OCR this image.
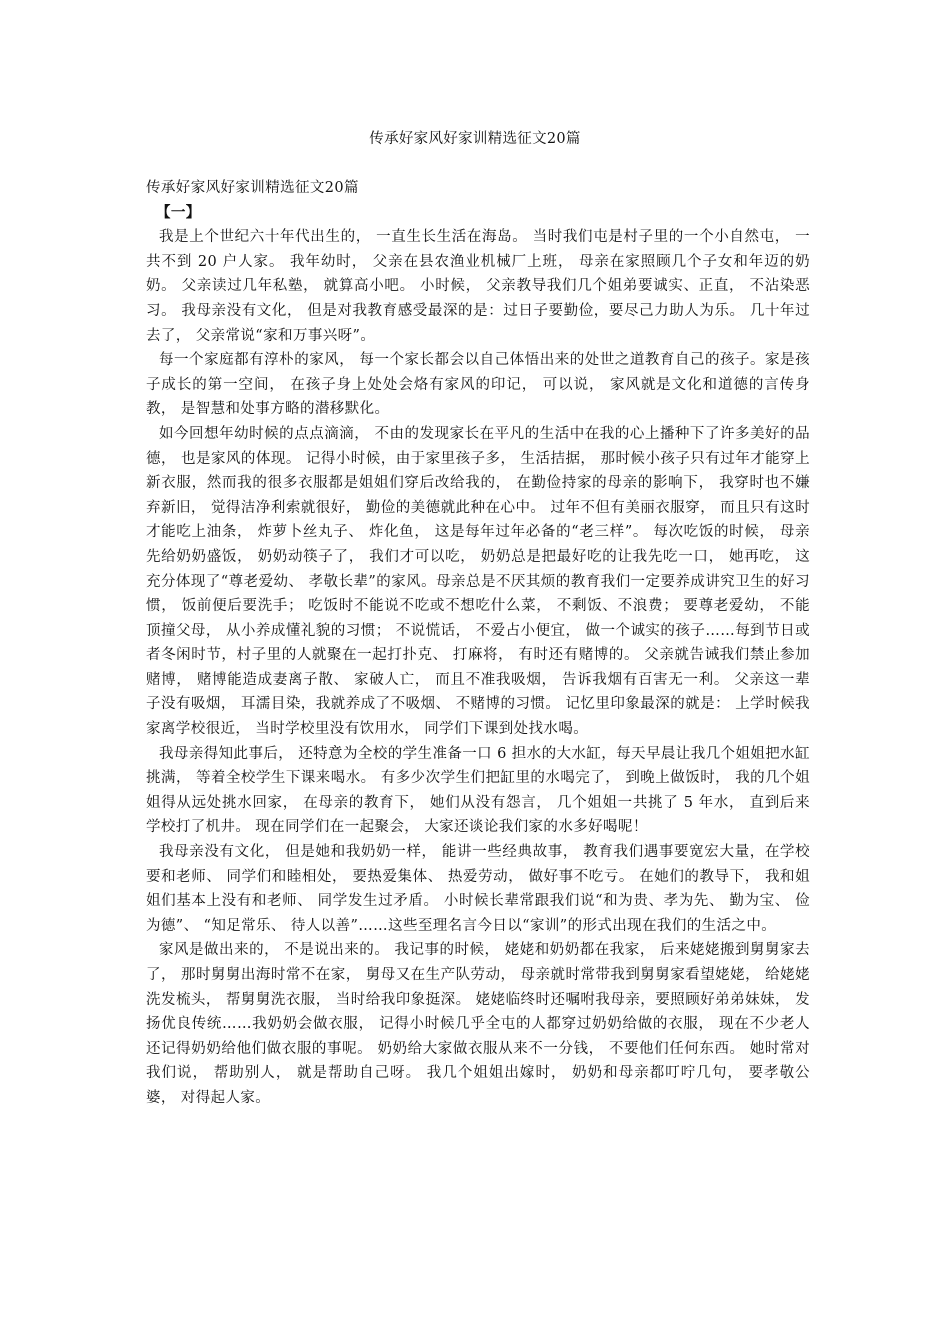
传承好家风好家训精选征文20篇

传承好家风好家训精选征文20篇

【一】

我是上个世纪六十年代出生的， 一直生长生活在海岛。 当时我们屯是村子里的一个小自然屯， 一共不到 20 户人家。 我年幼时， 父亲在县农渔业机械厂上班， 母亲在家照顾几个子女和年迈的奶奶。 父亲读过几年私塾， 就算高小吧。 小时候， 父亲教导我们几个姐弟要诚实、正直， 不沾染恶习。 我母亲没有文化， 但是对我教育感受最深的是：过日子要勤俭，要尽己力助人为乐。 几十年过去了， 父亲常说“家和万事兴呀”。

每一个家庭都有淳朴的家风， 每一个家长都会以自己体悟出来的处世之道教育自己的孩子。家是孩子成长的第一空间， 在孩子身上处处会烙有家风的印记， 可以说， 家风就是文化和道德的言传身教， 是智慧和处事方略的潜移默化。

如今回想年幼时候的点点滴滴， 不由的发现家长在平凡的生活中在我的心上播种下了许多美好的品德， 也是家风的体现。 记得小时候，由于家里孩子多， 生活拮据， 那时候小孩子只有过年才能穿上新衣服，然而我的很多衣服都是姐姐们穿后改给我的， 在勤俭持家的母亲的影响下， 我穿时也不嫌弃新旧， 觉得洁净利索就很好， 勤俭的美德就此种在心中。 过年不但有美丽衣服穿， 而且只有这时才能吃上油条， 炸萝卜丝丸子、 炸化鱼， 这是每年过年必备的“老三样”。 每次吃饭的时候， 母亲先给奶奶盛饭， 奶奶动筷子了， 我们才可以吃， 奶奶总是把最好吃的让我先吃一口， 她再吃， 这充分体现了“尊老爱幼、 孝敬长辈”的家风。母亲总是不厌其烦的教育我们一定要养成讲究卫生的好习惯， 饭前便后要洗手； 吃饭时不能说不吃或不想吃什么菜， 不剩饭、不浪费； 要尊老爱幼， 不能顶撞父母， 从小养成懂礼貌的习惯； 不说慌话， 不爱占小便宜， 做一个诚实的孩子……每到节日或者冬闲时节，村子里的人就聚在一起打扑克、 打麻将， 有时还有赌博的。 父亲就告诫我们禁止参加赌博， 赌博能造成妻离子散、 家破人亡， 而且不准我吸烟， 告诉我烟有百害无一利。 父亲这一辈子没有吸烟， 耳濡目染，我就养成了不吸烟、 不赌博的习惯。 记忆里印象最深的就是： 上学时候我家离学校很近， 当时学校里没有饮用水， 同学们下课到处找水喝。

我母亲得知此事后， 还特意为全校的学生准备一口 6 担水的大水缸，每天早晨让我几个姐姐把水缸挑满， 等着全校学生下课来喝水。 有多少次学生们把缸里的水喝完了， 到晚上做饭时， 我的几个姐姐得从远处挑水回家， 在母亲的教育下， 她们从没有怨言， 几个姐姐一共挑了 5 年水， 直到后来学校打了机井。 现在同学们在一起聚会， 大家还谈论我们家的水多好喝呢！

我母亲没有文化， 但是她和我奶奶一样， 能讲一些经典故事， 教育我们遇事要宽宏大量，在学校要和老师、 同学们和睦相处， 要热爱集体、 热爱劳动， 做好事不吃亏。 在她们的教导下， 我和姐姐们基本上没有和老师、 同学发生过矛盾。 小时候长辈常跟我们说“和为贵、孝为先、 勤为宝、 俭为德”、 “知足常乐、 待人以善”……这些至理名言今日以“家训”的形式出现在我们的生活之中。

家风是做出来的， 不是说出来的。 我记事的时候， 姥姥和奶奶都在我家， 后来姥姥搬到舅舅家去了， 那时舅舅出海时常不在家， 舅母又在生产队劳动， 母亲就时常带我到舅舅家看望姥姥， 给姥姥洗发梳头， 帮舅舅洗衣服， 当时给我印象挺深。 姥姥临终时还嘱咐我母亲，要照顾好弟弟妹妹， 发扬优良传统……我奶奶会做衣服， 记得小时候几乎全屯的人都穿过奶奶给做的衣服， 现在不少老人还记得奶奶给他们做衣服的事呢。 奶奶给大家做衣服从来不一分钱， 不要他们任何东西。 她时常对我们说， 帮助别人， 就是帮助自己呀。 我几个姐姐出嫁时， 奶奶和母亲都叮咛几句， 要孝敬公婆， 对得起人家。
